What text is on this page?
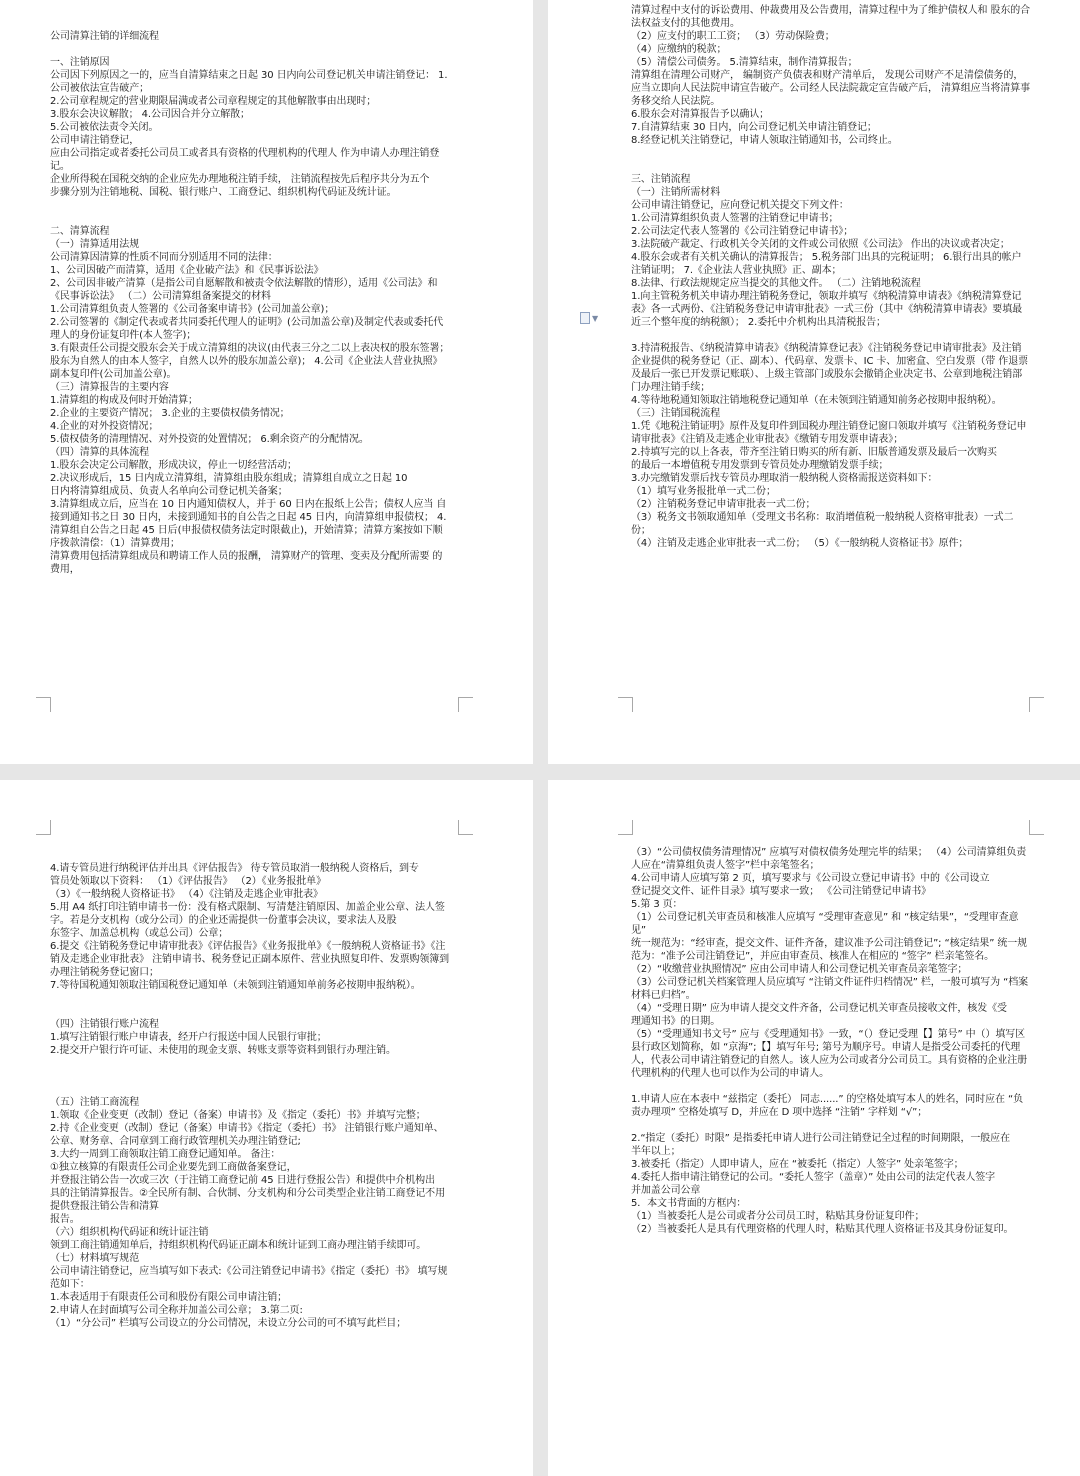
公司清算注销的详细流程

一、注销原因

公司因下列原因之一的，应当自清算结束之日起 30 日内向公司登记机关申请注销登记： 1.公司被依法宣告破产；

2.公司章程规定的营业期限届满或者公司章程规定的其他解散事由出现时；

3.股东会决议解散； 4.公司因合并分立解散；

5.公司被依法责令关闭。

公司申请注销登记，

应由公司指定或者委托公司员工或者具有资格的代理机构的代理人 作为申请人办理注销登记。

企业所得税在国税交纳的企业应先办理地税注销手续， 注销流程按先后程序共分为五个

步骤分别为注销地税、国税、银行账户、工商登记、组织机构代码证及统计证。

二、清算流程

（一）清算适用法规

公司清算因清算的性质不同而分别适用不同的法律：

1、公司因破产而清算，适用《企业破产法》和《民事诉讼法》

2、公司因非破产清算（是指公司自愿解散和被责令依法解散的情形），适用《公司法》和《民事诉讼法》 （二）公司清算组备案提交的材料

1.公司清算组负责人签署的《公司备案申请书》(公司加盖公章)；

2.公司签署的《制定代表或者共同委托代理人的证明》(公司加盖公章)及制定代表或委托代理人的身份证复印件(本人签字)；

3.有限责任公司提交股东会关于成立清算组的决议(由代表三分之二以上表决权的股东签署；股东为自然人的由本人签字，自然人以外的股东加盖公章)； 4.公司《企业法人营业执照》副本复印件(公司加盖公章)。

（三）清算报告的主要内容

1.清算组的构成及何时开始清算；

2.企业的主要资产情况； 3.企业的主要债权债务情况；

4.企业的对外投资情况；

5.债权债务的清理情况、对外投资的处置情况； 6.剩余资产的分配情况。

（四）清算的具体流程

1.股东会决定公司解散，形成决议，停止一切经营活动；

2.决议形成后，15 日内成立清算组，清算组由股东组成；清算组自成立之日起 10

日内将清算组成员、负责人名单向公司登记机关备案；

3.清算组成立后，应当在 10 日内通知债权人，并于 60 日内在报纸上公告；债权人应当 自接到通知书之日 30 日内，未接到通知书的自公告之日起 45 日内，向清算组申报债权； 4.清算组自公告之日起 45 日后(申报债权债务法定时限截止)，开始清算；清算方案按如下顺序拨款清偿：（1）清算费用；

清算费用包括清算组成员和聘请工作人员的报酬， 清算财产的管理、变卖及分配所需要 的费用，

清算过程中支付的诉讼费用、仲裁费用及公告费用，清算过程中为了维护债权人和 股东的合法权益支付的其他费用。

（2）应支付的职工工资； （3）劳动保险费；

（4）应缴纳的税款；

（5）清偿公司债务。 5.清算结束，制作清算报告；

清算组在清理公司财产， 编制资产负债表和财产清单后， 发现公司财产不足清偿债务的，应当立即向人民法院申请宣告破产。公司经人民法院裁定宣告破产后， 清算组应当将清算事 务移交给人民法院。

6.股东会对清算报告予以确认；

7.自清算结束 30 日内，向公司登记机关申请注销登记；

8.经登记机关注销登记，申请人领取注销通知书，公司终止。

三、注销流程

（一）注销所需材料

公司申请注销登记，应向登记机关提交下列文件：

1.公司清算组织负责人签署的注销登记申请书；

2.公司法定代表人签署的《公司注销登记申请书》；

3.法院破产裁定、行政机关令关闭的文件或公司依照《公司法》 作出的决议或者决定；

4.股东会或者有关机关确认的清算报告； 5.税务部门出具的完税证明； 6.银行出具的帐户注销证明； 7.《企业法人营业执照》正、副本；

8.法律、行政法规规定应当提交的其他文件。 （二）注销地税流程

1.向主管税务机关申请办理注销税务登记，领取并填写《纳税清算申请表》《纳税清算登记表》各一式两份、《注销税务登记申请审批表》一式三份（其中《纳税清算申请表》要填最近三个整年度的纳税额）； 2.委托中介机构出具清税报告；

3.持清税报告、《纳税清算申请表》《纳税清算登记表》《注销税务登记申请审批表》及注销企业提供的税务登记（正、副本）、代码章、发票卡、IC 卡、加密盒、空白发票（带 作退票及最后一张已开发票记账联）、上级主管部门或股东会撤销企业决定书、公章到地税注销部门办理注销手续；

4.等待地税通知领取注销地税登记通知单（在未领到注销通知前务必按期申报纳税）。

（三）注销国税流程

1.凭《地税注销证明》原件及复印件到国税办理注销登记窗口领取并填写《注销税务登记申请审批表》《注销及走逃企业审批表》《缴销专用发票申请表》；

2.持填写完的以上各表，带齐至注销日购买的所有新、旧版普通发票及最后一次购买

的最后一本增值税专用发票到专管员处办理缴销发票手续；

3.办完缴销发票后找专管员办理取消一般纳税人资格需报送资料如下：

（1）填写业务报批单一式二份；

（2）注销税务登记申请审批表一式二份；

（3）税务文书领取通知单（受理文书名称：取消增值税一般纳税人资格审批表）一式二份；

（4）注销及走逃企业审批表一式二份； （5）《一般纳税人资格证书》原件；

4.请专管员进行纳税评估并出具《评估报告》 待专管员取消一般纳税人资格后，到专

管员处领取以下资料： （1）《评估报告》 （2）《业务报批单》

（3）《一般纳税人资格证书》 （4）《注销及走逃企业审批表》

5.用 A4 纸打印注销申请书一份：没有格式限制、写清楚注销原因、加盖企业公章、法人签字。若是分支机构（或分公司）的企业还需提供一份董事会决议，要求法人及股

东签字、加盖总机构（或总公司）公章；

6.提交《注销税务登记申请审批表》《评估报告》《业务报批单》《一般纳税人资格证书》《注销及走逃企业审批表》 注销申请书、税务登记正副本原件、营业执照复印件、发票购领簿到办理注销税务登记窗口；

7.等待国税通知领取注销国税登记通知单（未领到注销通知单前务必按期申报纳税）。

（四）注销银行账户流程

1.填写注销银行账户申请表，经开户行报送中国人民银行审批；

2.提交开户银行许可证、未使用的现金支票、转账支票等资料到银行办理注销。

（五）注销工商流程

1.领取《企业变更（改制）登记（备案）申请书》及《指定（委托）书》并填写完整；

2.持《企业变更（改制）登记（备案）申请书》《指定（委托）书》 注销银行账户通知单、公章、财务章、合同章到工商行政管理机关办理注销登记;

3.大约一周到工商领取注销工商登记通知单。 备注：

①独立核算的有限责任公司企业要先到工商做备案登记，

并登报注销公告一次或三次（于注销工商登记前 45 日进行登报公告）和提供中介机构出

具的注销清算报告。②全民所有制、合伙制、分支机构和分公司类型企业注销工商登记不用提供登报注销公告和清算

报告。

（六）组织机构代码证和统计证注销

领到工商注销通知单后，持组织机构代码证正副本和统计证到工商办理注销手续即可。

（七）材料填写规范

公司申请注销登记，应当填写如下表式:《公司注销登记申请书》《指定（委托）书》 填写规范如下：

1.本表适用于有限责任公司和股份有限公司申请注销；

2.申请人在封面填写公司全称并加盖公司公章； 3.第二页:

（1）“分公司” 栏填写公司设立的分公司情况，未设立分公司的可不填写此栏目；

（3）“公司债权债务清理情况” 应填写对债权债务处理完毕的结果； （4）公司清算组负责人应在“清算组负责人签字”栏中亲笔签名；

4.公司申请人应填写第 2 页，填写要求与《公司设立登记申请书》中的《公司设立

登记提交文件、证件目录》填写要求一致； 《公司注销登记申请书》

5.第 3 页：

（1）公司登记机关审查员和核准人应填写 “受理审查意见” 和 “核定结果”，“受理审查意见”

统一规范为：“经审查，提交文件、证件齐备，建议准予公司注销登记”; “核定结果” 统一规范为：“准予公司注销登记”，并应由审查员、核准人在相应的 “签字” 栏亲笔签名。

（2）“收缴营业执照情况” 应由公司申请人和公司登记机关审查员亲笔签字；

（3）公司登记机关档案管理人员应填写 “注销文件证件归档情况” 栏，一般可填写为 “档案材料已归档”。

（4）“受理日期” 应为申请人提交文件齐备，公司登记机关审查员接收文件，核发《受

理通知书》的日期。

（5）“受理通知书文号” 应与《受理通知书》一致，“（）登记受理【】第号” 中（）填写区县行政区划简称，如 “京海”;【】填写年号; 第号为顺序号。申请人是指受公司委托的代理

人，代表公司申请注销登记的自然人。该人应为公司或者分公司员工。具有资格的企业注册代理机构的代理人也可以作为公司的申请人。

1.申请人应在本表中 “兹指定（委托） 同志......” 的空格处填写本人的姓名，同时应在 “负责办理项” 空格处填写 D，并应在 D 项中选择 “注销” 字样划 “√”；

2.“指定（委托）时限” 是指委托申请人进行公司注销登记全过程的时间期限，一般应在

半年以上；

3.被委托（指定）人即申请人，应在 “被委托（指定）人签字” 处亲笔签字；

4.委托人指申请注销登记的公司。“委托人签字（盖章）” 处由公司的法定代表人签字

并加盖公司公章

5．本文书背面的方框内：

（1）当被委托人是公司或者分公司员工时，粘贴其身份证复印件；

（2）当被委托人是具有代理资格的代理人时，粘贴其代理人资格证书及其身份证复印。

▼
